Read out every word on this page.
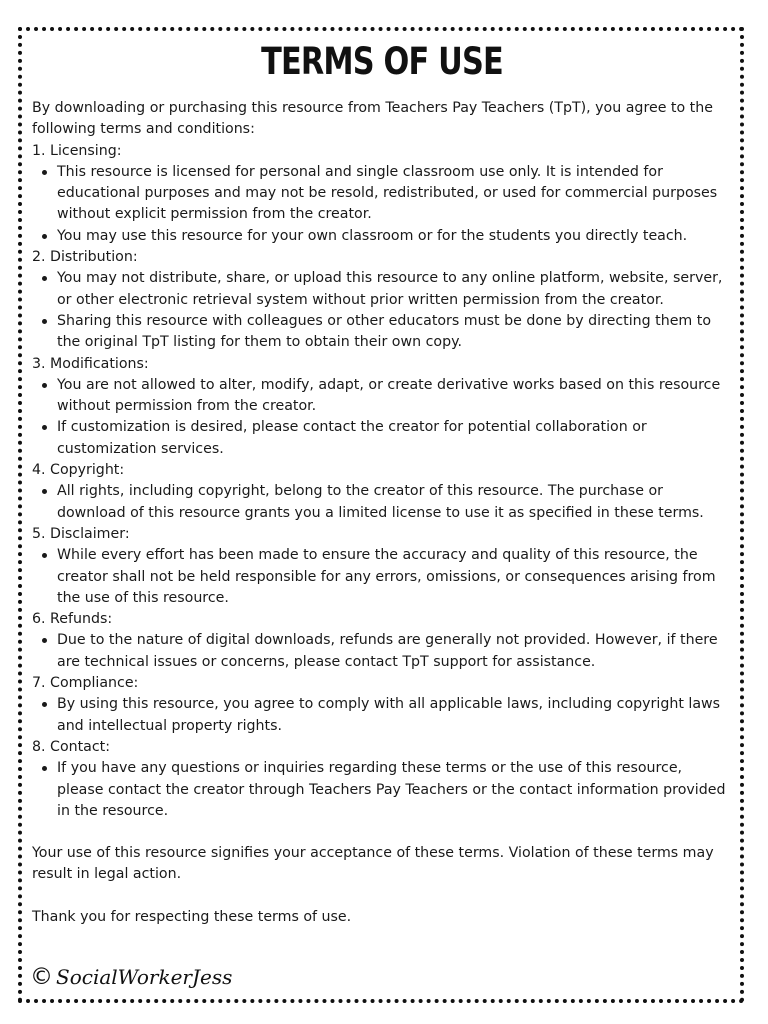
TERMS OF USE

By downloading or purchasing this resource from Teachers Pay Teachers (TpT), you agree to the following terms and conditions:

1. Licensing:

This resource is licensed for personal and single classroom use only. It is intended for educational purposes and may not be resold, redistributed, or used for commercial purposes without explicit permission from the creator.
You may use this resource for your own classroom or for the students you directly teach.

2. Distribution:

You may not distribute, share, or upload this resource to any online platform, website, server, or other electronic retrieval system without prior written permission from the creator.
Sharing this resource with colleagues or other educators must be done by directing them to the original TpT listing for them to obtain their own copy.

3. Modifications:

You are not allowed to alter, modify, adapt, or create derivative works based on this resource without permission from the creator.
If customization is desired, please contact the creator for potential collaboration or customization services.

4. Copyright:

All rights, including copyright, belong to the creator of this resource. The purchase or download of this resource grants you a limited license to use it as specified in these terms.

5. Disclaimer:

While every effort has been made to ensure the accuracy and quality of this resource, the creator shall not be held responsible for any errors, omissions, or consequences arising from the use of this resource.

6. Refunds:

Due to the nature of digital downloads, refunds are generally not provided. However, if there are technical issues or concerns, please contact TpT support for assistance.

7. Compliance:

By using this resource, you agree to comply with all applicable laws, including copyright laws and intellectual property rights.

8. Contact:

If you have any questions or inquiries regarding these terms or the use of this resource, please contact the creator through Teachers Pay Teachers or the contact information provided in the resource.

Your use of this resource signifies your acceptance of these terms. Violation of these terms may result in legal action.

Thank you for respecting these terms of use.

© SocialWorkerJess
